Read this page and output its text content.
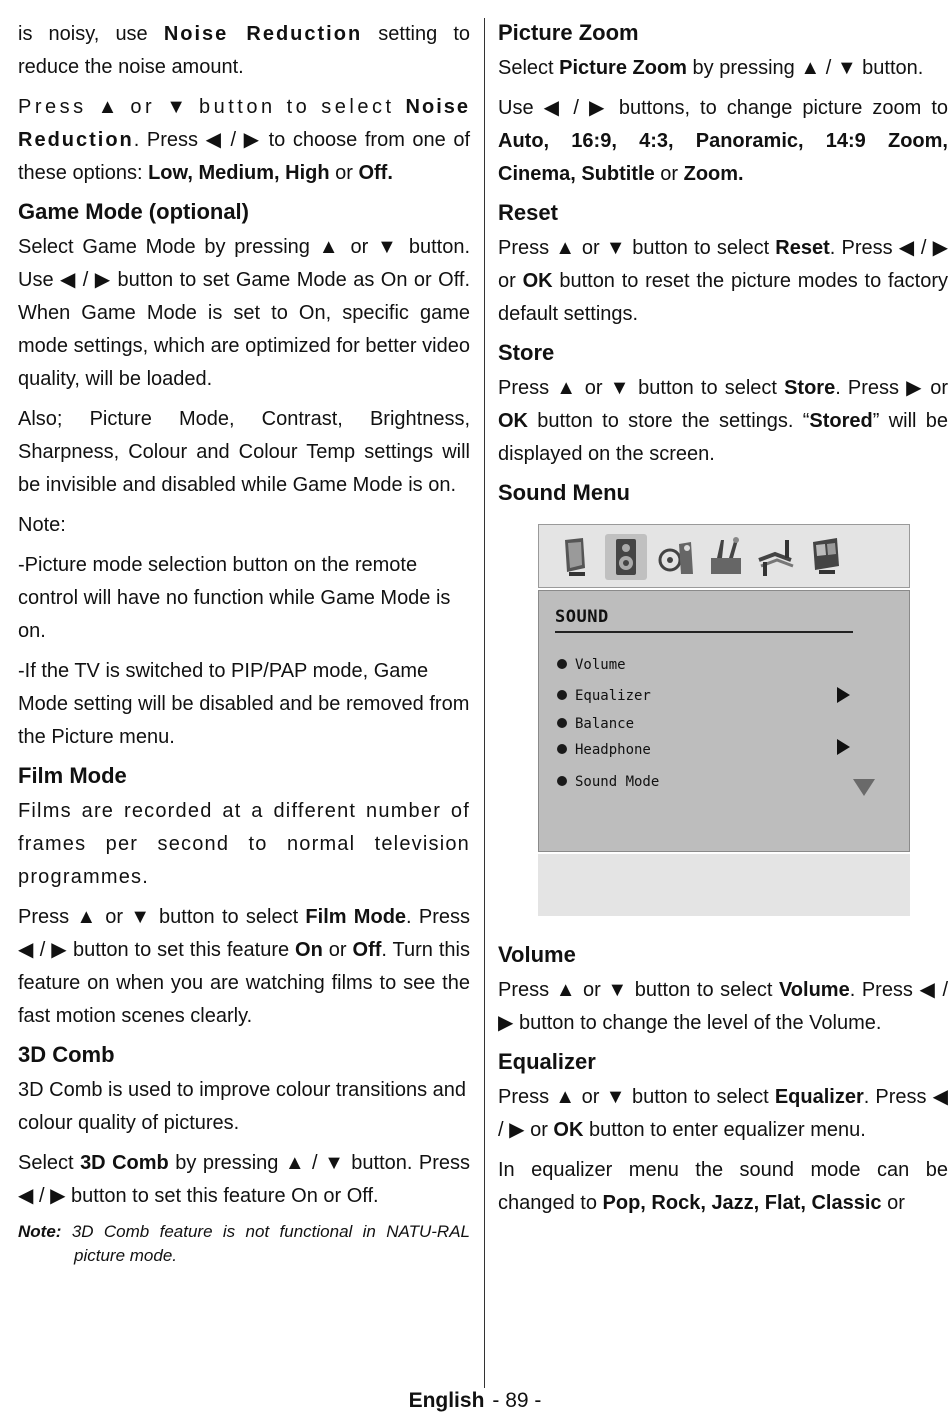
is noisy, use Noise Reduction setting to reduce the noise amount.

Press ▲ or ▼ button to select Noise Reduction. Press ◀ / ▶ to choose from one of these options: Low, Medium, High or Off.

Game Mode (optional)

Select Game Mode by pressing ▲ or ▼ button. Use ◀ / ▶ button to set Game Mode as On or Off. When Game Mode is set to On, specific game mode settings, which are optimized for better video quality, will be loaded.

Also; Picture Mode, Contrast, Brightness, Sharpness, Colour and Colour Temp settings will be invisible and disabled while Game Mode is on.

Note:

-Picture mode selection button on the remote control will have no function while Game Mode is on.

-If the TV is switched to PIP/PAP mode, Game Mode setting will be disabled and be removed from the Picture menu.

Film Mode

Films are recorded at a different number of frames per second to normal television programmes.

Press ▲ or ▼ button to select Film Mode. Press ◀ / ▶ button to set this feature On or Off. Turn this feature on when you are watching films to see the fast motion scenes clearly.

3D Comb

3D Comb is used to improve colour transitions and colour quality of pictures.

Select 3D Comb by pressing ▲ / ▼ button. Press ◀ / ▶ button to set this feature On or Off.

Note: 3D Comb feature is not functional in NATU-RAL picture mode.

Picture Zoom

Select Picture Zoom by pressing ▲ / ▼ button.

Use ◀ / ▶ buttons, to change picture zoom to Auto, 16:9, 4:3, Panoramic, 14:9 Zoom, Cinema, Subtitle or Zoom.

Reset

Press ▲ or ▼ button to select Reset. Press ◀ / ▶ or OK button to reset the picture modes to factory default settings.

Store

Press ▲ or ▼ button to select Store. Press ▶ or OK button to store the settings. “Stored” will be displayed on the screen.

Sound Menu
SOUND
Volume
Equalizer
Balance
Headphone
Sound Mode
Volume

Press ▲ or ▼ button to select Volume. Press ◀ / ▶ button to change the level of the Volume.

Equalizer

Press ▲ or ▼ button to select Equalizer. Press ◀ / ▶ or OK button to enter equalizer menu.

In equalizer menu the sound mode can be changed to Pop, Rock, Jazz, Flat, Classic or

English - 89 -
